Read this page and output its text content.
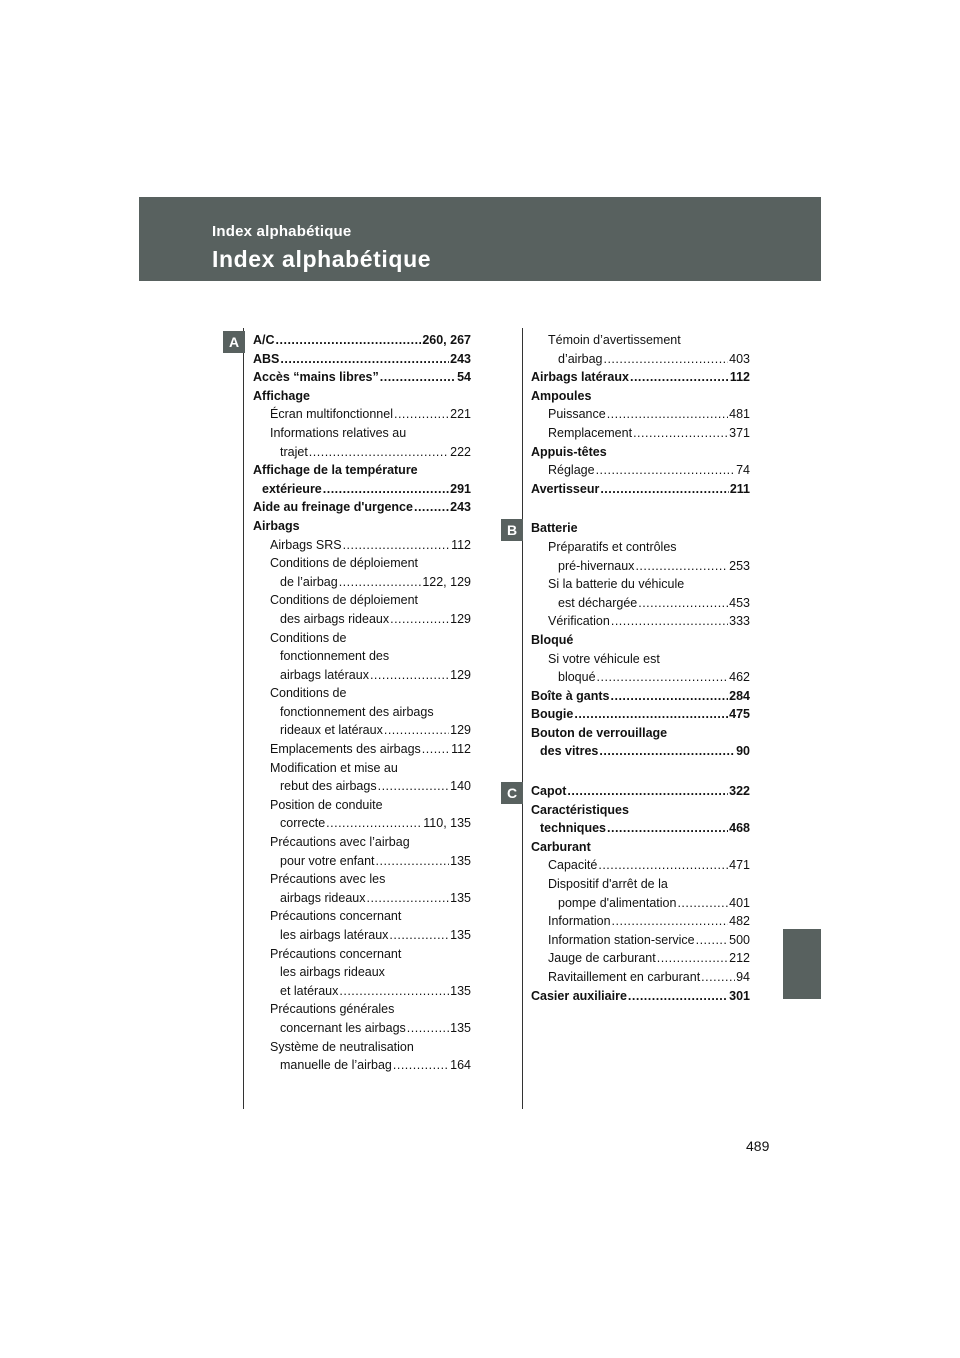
Index alphabétique
Index alphabétique
A/C .....	260, 267
ABS .....	243
Accès “mains libres” .....	54
Affichage
Écran multifonctionnel .....	221
Informations relatives au
trajet .....	222
Affichage de la température
extérieure .....	291
Aide au freinage d'urgence .....	243
Airbags
Airbags SRS .....	112
Conditions de déploiement
de l’airbag .....	122, 129
Conditions de déploiement
des airbags rideaux .....	129
Conditions de
fonctionnement des
airbags latéraux .....	129
Conditions de
fonctionnement des airbags
rideaux et latéraux .....	129
Emplacements des airbags ..... 112
Modification et mise au
rebut des airbags .....	140
Position de conduite
correcte .....	110, 135
Précautions avec l’airbag
pour votre enfant .....	135
Précautions avec les
airbags rideaux .....	135
Précautions concernant
les airbags latéraux .....	135
Précautions concernant
les airbags rideaux
et latéraux .....	135
Précautions générales
concernant les airbags .....	135
Système de neutralisation
manuelle de l’airbag .....	164
Témoin d’avertissement
d’airbag .....	403
Airbags latéraux .....	112
Ampoules
Puissance .....	481
Remplacement .....	371
Appuis-têtes
Réglage .....	74
Avertisseur .....	211
Batterie
Préparatifs et contrôles
pré-hivernaux .....	253
Si la batterie du véhicule
est déchargée .....	453
Vérification .....	333
Bloqué
Si votre véhicule est
bloqué .....	462
Boîte à gants .....	284
Bougie .....	475
Bouton de verrouillage
des vitres .....	90
Capot .....	322
Caractéristiques
techniques .....	468
Carburant
Capacité .....	471
Dispositif d'arrêt de la
pompe d'alimentation .....	401
Information .....	482
Information station-service .....	500
Jauge de carburant .....	212
Ravitaillement en carburant .....	94
Casier auxiliaire .....	301
489
A
B
C
